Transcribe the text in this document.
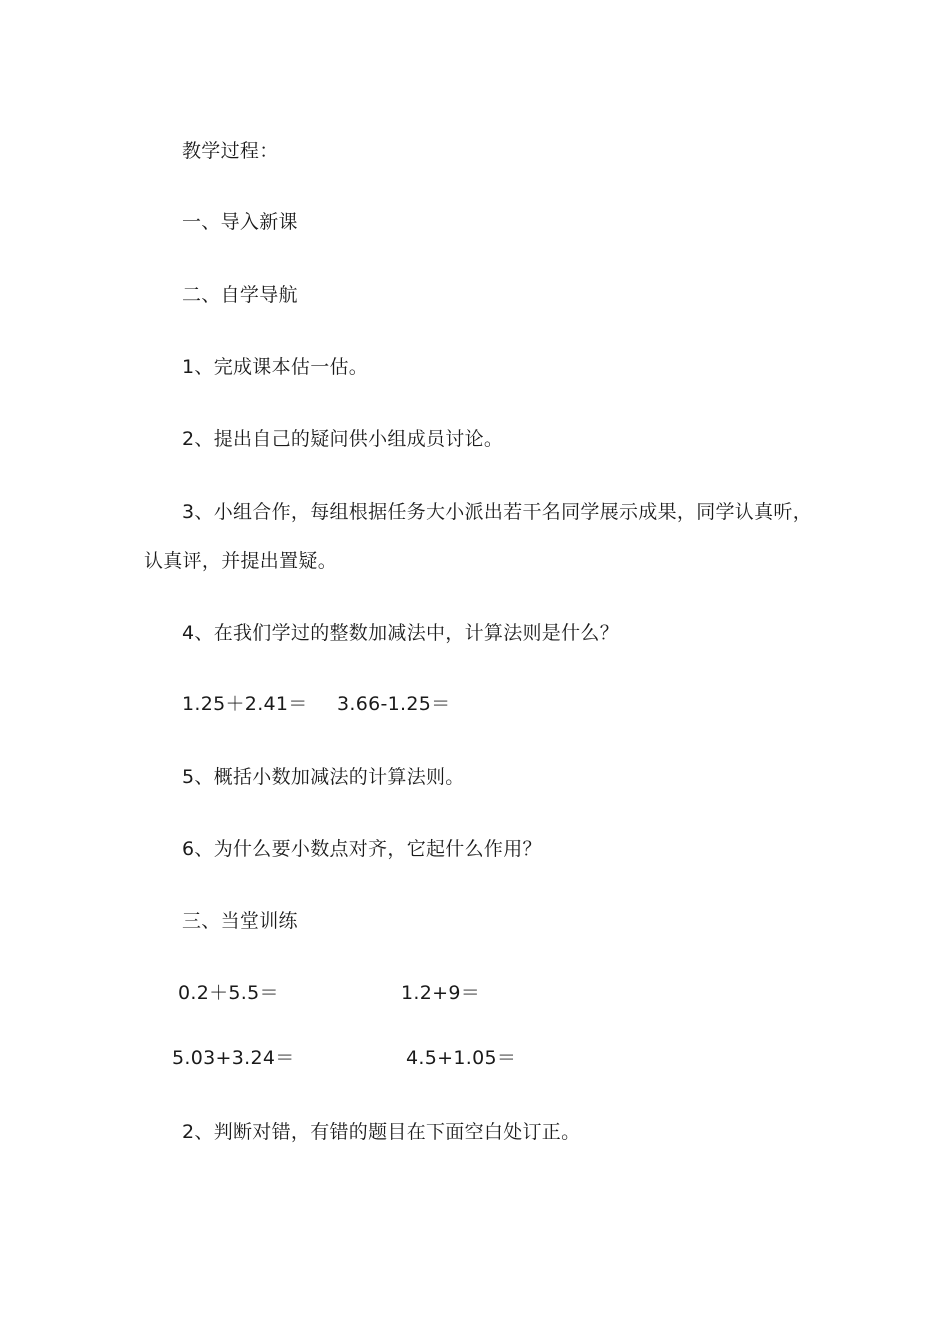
教学过程：
一、导入新课
二、自学导航
1、完成课本估一估。
2、提出自己的疑问供小组成员讨论。
3、小组合作，每组根据任务大小派出若干名同学展示成果，同学认真听，
认真评，并提出置疑。
4、在我们学过的整数加减法中，计算法则是什么？
1.25＋2.41＝ 3.66-1.25＝
5、概括小数加减法的计算法则。
6、为什么要小数点对齐，它起什么作用？
三、当堂训练
0.2＋5.5＝	1.2+9＝
5.03+3.24＝	4.5+1.05＝
2、判断对错，有错的题目在下面空白处订正。
